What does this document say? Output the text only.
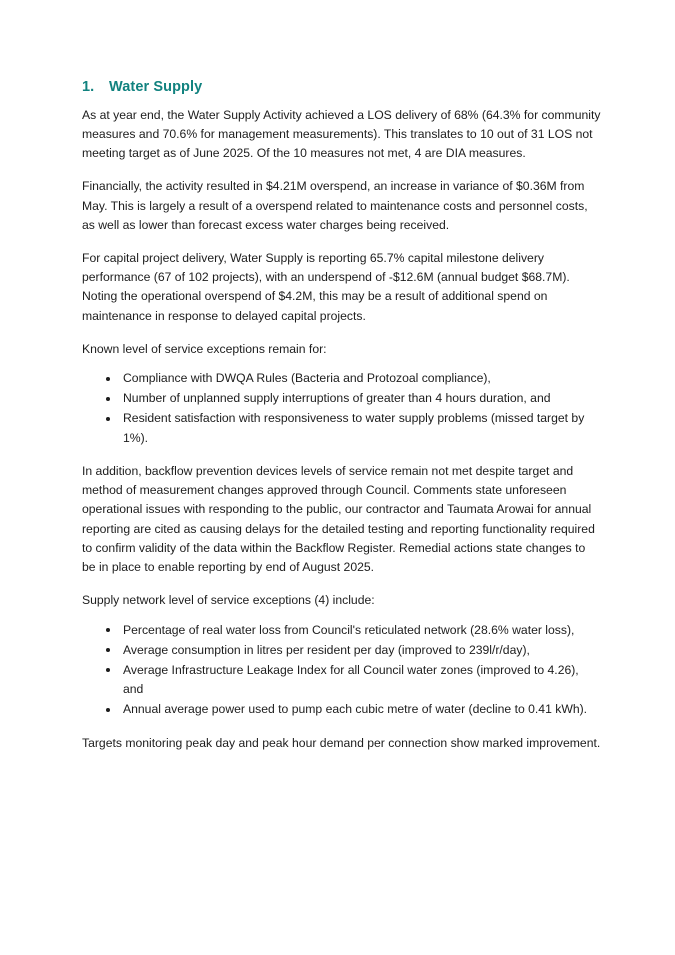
1.	Water Supply

As at year end, the Water Supply Activity achieved a LOS delivery of 68% (64.3% for community measures and 70.6% for management measurements). This translates to 10 out of 31 LOS not meeting target as of June 2025. Of the 10 measures not met, 4 are DIA measures.

Financially, the activity resulted in $4.21M overspend, an increase in variance of $0.36M from May. This is largely a result of a overspend related to maintenance costs and personnel costs, as well as lower than forecast excess water charges being received.

For capital project delivery, Water Supply is reporting 65.7% capital milestone delivery performance (67 of 102 projects), with an underspend of -$12.6M (annual budget $68.7M). Noting the operational overspend of $4.2M, this may be a result of additional spend on maintenance in response to delayed capital projects.

Known level of service exceptions remain for:

Compliance with DWQA Rules (Bacteria and Protozoal compliance),
Number of unplanned supply interruptions of greater than 4 hours duration, and
Resident satisfaction with responsiveness to water supply problems (missed target by 1%).

In addition, backflow prevention devices levels of service remain not met despite target and method of measurement changes approved through Council. Comments state unforeseen operational issues with responding to the public, our contractor and Taumata Arowai for annual reporting are cited as causing delays for the detailed testing and reporting functionality required to confirm validity of the data within the Backflow Register. Remedial actions state changes to be in place to enable reporting by end of August 2025.

Supply network level of service exceptions (4) include:

Percentage of real water loss from Council's reticulated network (28.6% water loss),
Average consumption in litres per resident per day (improved to 239l/r/day),
Average Infrastructure Leakage Index for all Council water zones (improved to 4.26), and
Annual average power used to pump each cubic metre of water (decline to 0.41 kWh).

Targets monitoring peak day and peak hour demand per connection show marked improvement.
